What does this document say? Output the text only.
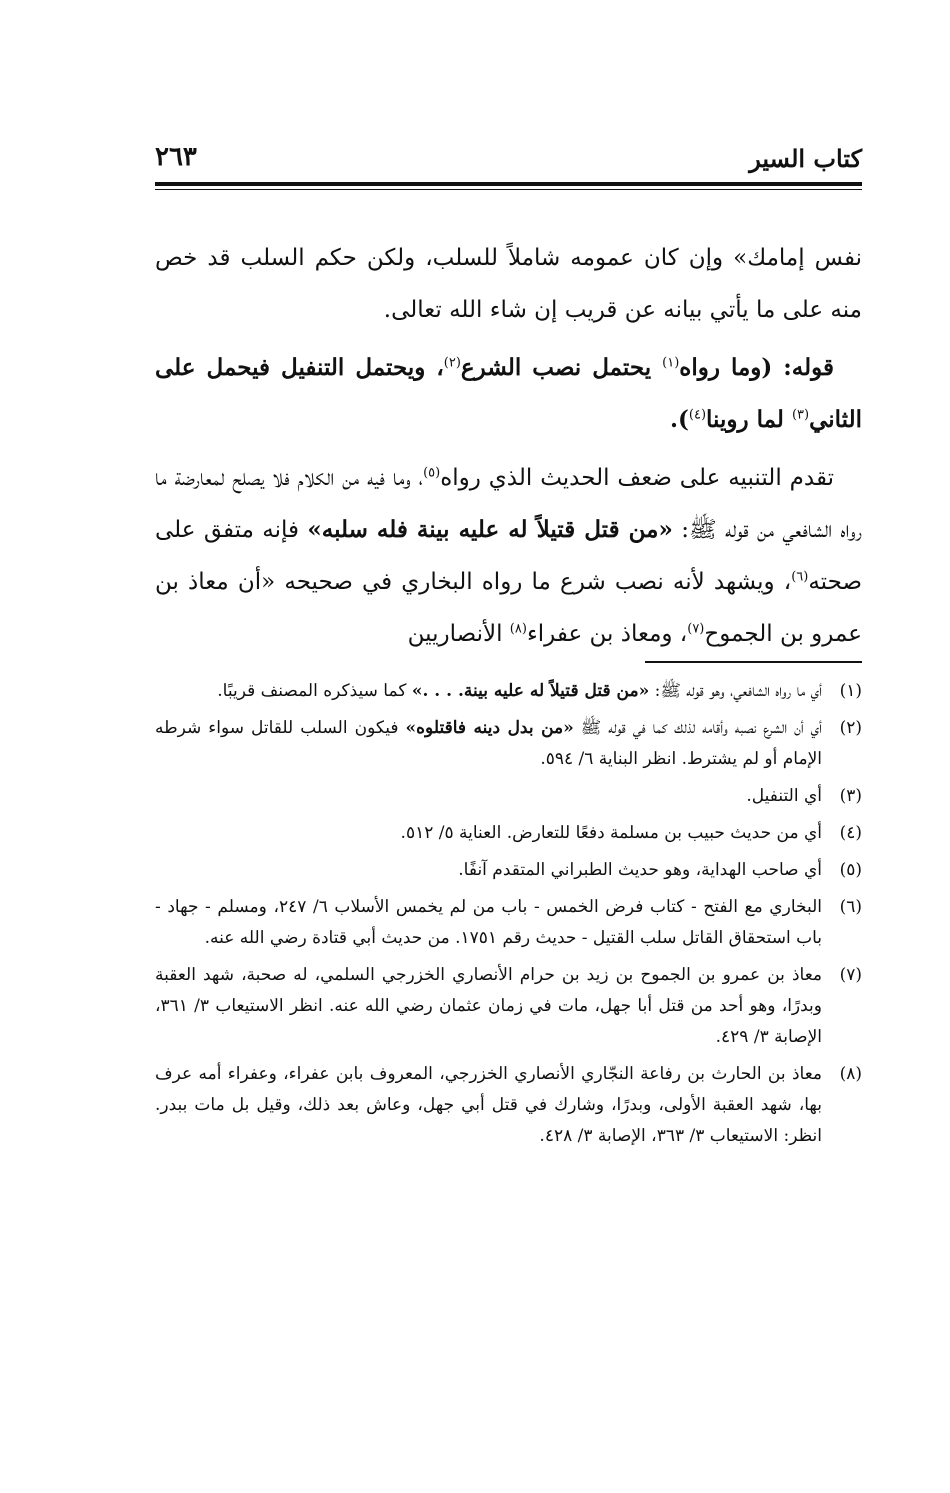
كتاب السير
٢٦٣

نفس إمامك» وإن كان عمومه شاملاً للسلب، ولكن حكم السلب قد خص منه على ما يأتي بيانه عن قريب إن شاء الله تعالى.

قوله: (وما رواه$^{(١)}$ يحتمل نصب الشرع$^{(٢)}$، ويحتمل التنفيل فيحمل على الثاني$^{(٣)}$ لما روينا$^{(٤)}$).

تقدم التنبيه على ضعف الحديث الذي رواه$^{(٥)}$، وما فيه من الكلام فلا يصلح لمعارضة ما رواه الشافعي من قوله ﷺ: «من قتل قتيلاً له عليه بينة فله سلبه» فإنه متفق على صحته$^{(٦)}$، ويشهد لأنه نصب شرع ما رواه البخاري في صحيحه «أن معاذ بن عمرو بن الجموح$^{(٧)}$، ومعاذ بن عفراء$^{(٨)}$ الأنصاريين

(١)
أي ما رواه الشافعي، وهو قوله ﷺ: «من قتل قتيلاً له عليه بينة. . . .» كما سيذكره المصنف قريبًا.
(٢)
أي أن الشرع نصبه وأقامه لذلك كما في قوله ﷺ «من بدل دينه فاقتلوه» فيكون السلب للقاتل سواء شرطه الإمام أو لم يشترط. انظر البناية ٦/ ٥٩٤.
(٣)
أي التنفيل.
(٤)
أي من حديث حبيب بن مسلمة دفعًا للتعارض. العناية ٥/ ٥١٢.
(٥)
أي صاحب الهداية، وهو حديث الطبراني المتقدم آنفًا.
(٦)
البخاري مع الفتح - كتاب فرض الخمس - باب من لم يخمس الأسلاب ٦/ ٢٤٧، ومسلم - جهاد - باب استحقاق القاتل سلب القتيل - حديث رقم ١٧٥١. من حديث أبي قتادة رضي الله عنه.
(٧)
معاذ بن عمرو بن الجموح بن زيد بن حرام الأنصاري الخزرجي السلمي، له صحبة، شهد العقبة وبدرًا، وهو أحد من قتل أبا جهل، مات في زمان عثمان رضي الله عنه. انظر الاستيعاب ٣/ ٣٦١، الإصابة ٣/ ٤٢٩.
(٨)
معاذ بن الحارث بن رفاعة النجّاري الأنصاري الخزرجي، المعروف بابن عفراء، وعفراء أمه عرف بها، شهد العقبة الأولى، وبدرًا، وشارك في قتل أبي جهل، وعاش بعد ذلك، وقيل بل مات ببدر. انظر: الاستيعاب ٣/ ٣٦٣، الإصابة ٣/ ٤٢٨.
